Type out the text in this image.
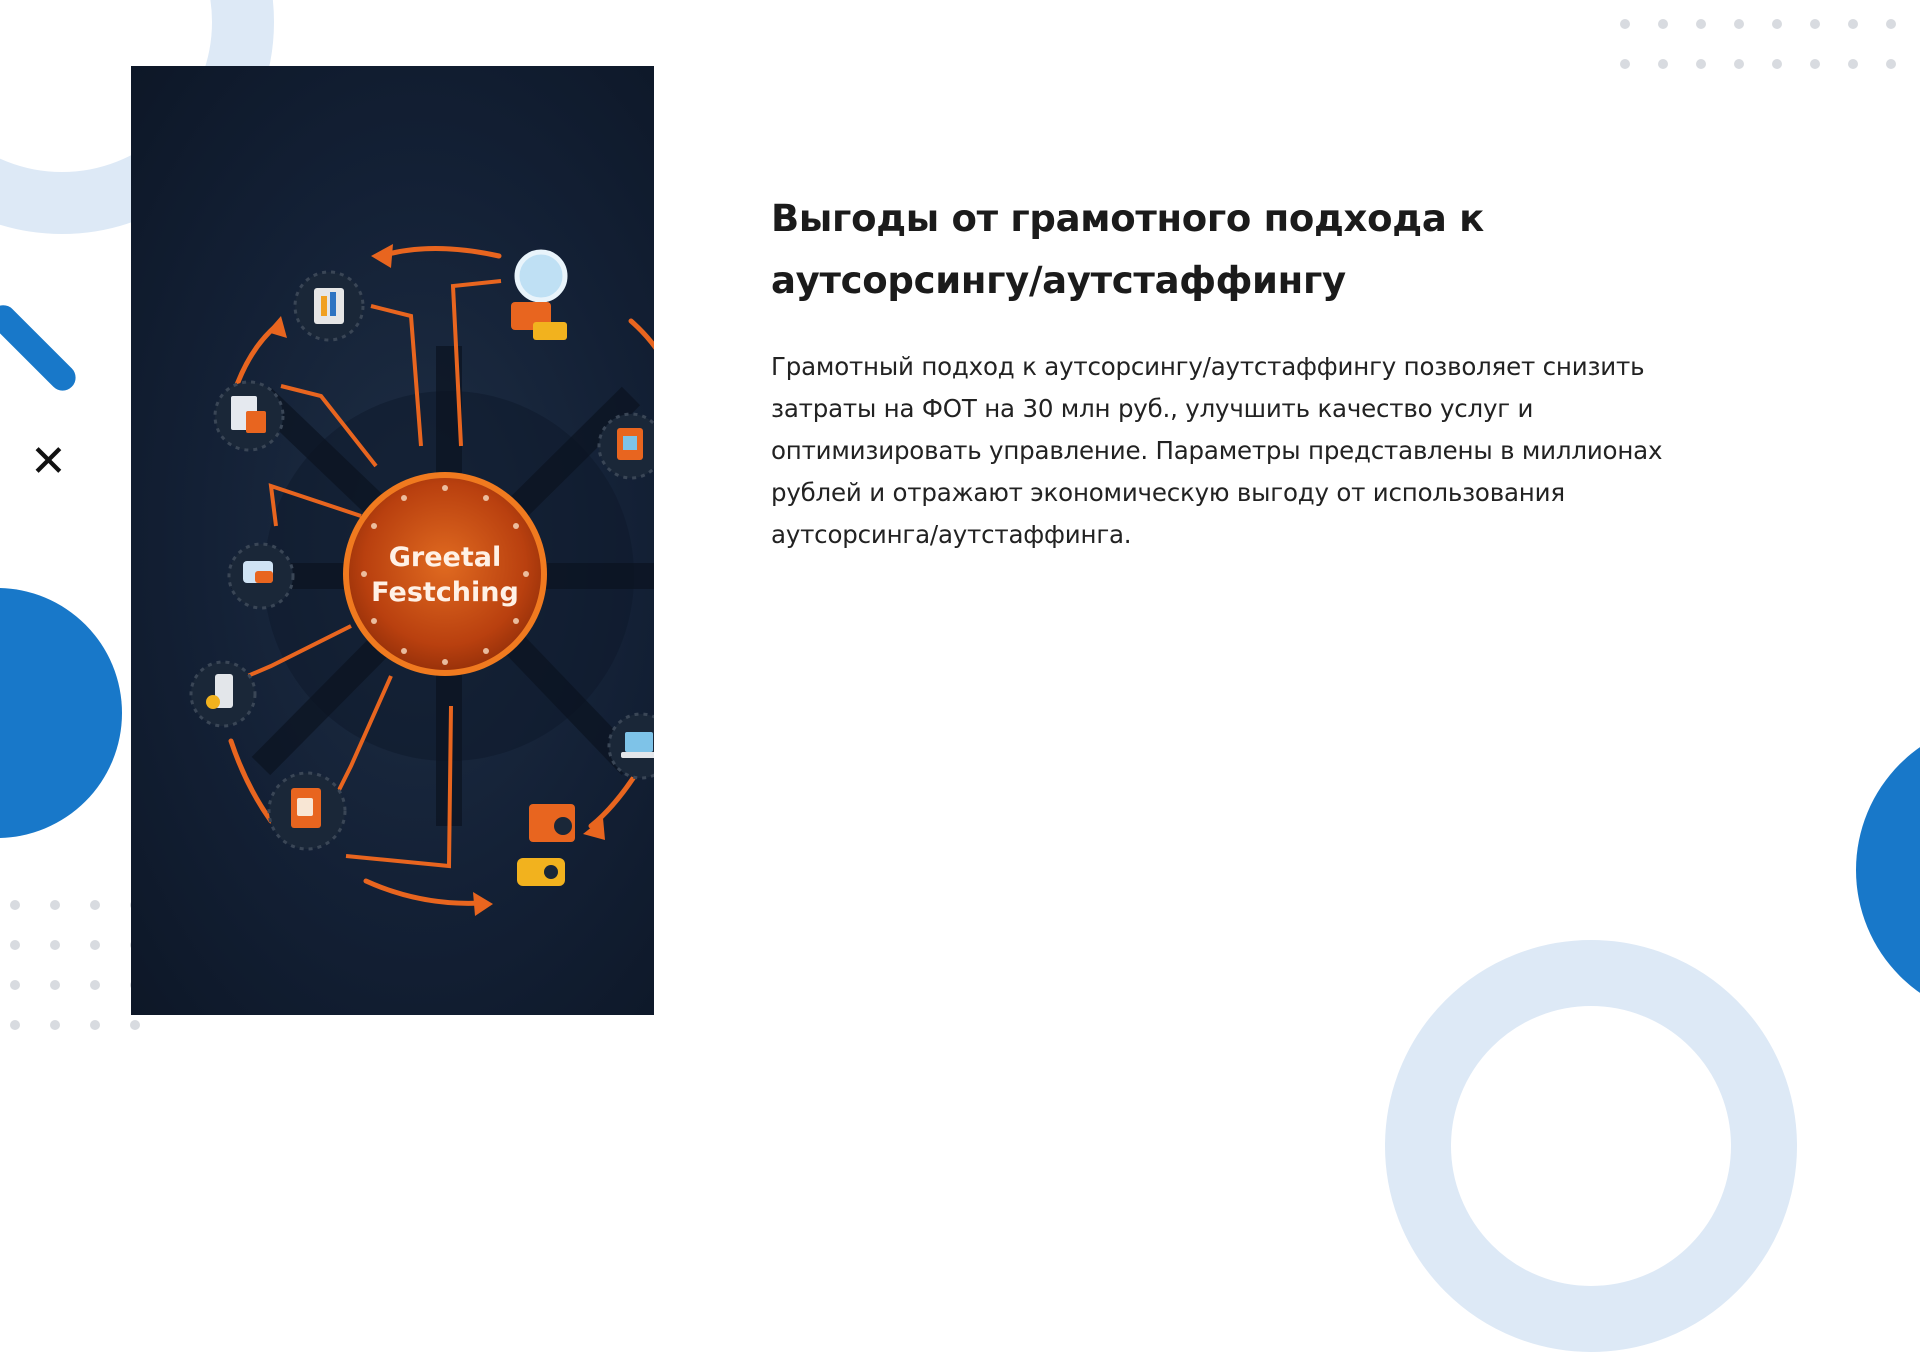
✕
Greetal
Festching
Выгоды от грамотного подхода к аутсорсингу/аутстаффингу

Грамотный подход к аутсорсингу/аутстаффингу позволяет снизить затраты на ФОТ на 30 млн руб., улучшить качество услуг и оптимизировать управление. Параметры представлены в миллионах рублей и отражают экономическую выгоду от использования аутсорсинга/аутстаффинга.
